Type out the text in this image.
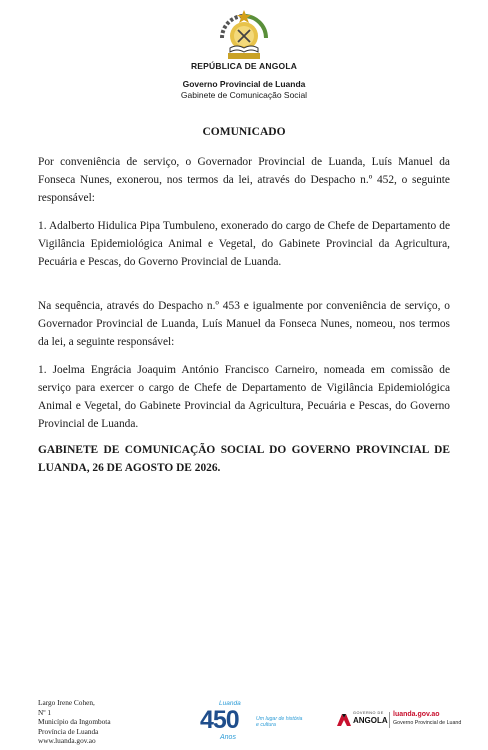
REPÚBLICA DE ANGOLA
Governo Provincial de Luanda
Gabinete de Comunicação Social
COMUNICADO

Por conveniência de serviço, o Governador Provincial de Luanda, Luís Manuel da Fonseca Nunes, exonerou, nos termos da lei, através do Despacho n.º 452, o seguinte responsável:

1. Adalberto Hidulica Pipa Tumbuleno, exonerado do cargo de Chefe de Departamento de Vigilância Epidemiológica Animal e Vegetal, do Gabinete Provincial da Agricultura, Pecuária e Pescas, do Governo Provincial de Luanda.

Na sequência, através do Despacho n.º 453 e igualmente por conveniência de serviço, o Governador Provincial de Luanda, Luís Manuel da Fonseca Nunes, nomeou, nos termos da lei, a seguinte responsável:

1. Joelma Engrácia Joaquim António Francisco Carneiro, nomeada em comissão de serviço para exercer o cargo de Chefe de Departamento de Vigilância Epidemiológica Animal e Vegetal, do Gabinete Provincial da Agricultura, Pecuária e Pescas, do Governo Provincial de Luanda.

GABINETE DE COMUNICAÇÃO SOCIAL DO GOVERNO PROVINCIAL DE LUANDA, 26 DE AGOSTO DE 2026.

Largo Irene Cohen,
Nº 1
Município da Ingombota
Província de Luanda
www.luanda.gov.ao
Luanda
450
Anos
Um lugar de história
e cultura
GOVERNO DE
ANGOLA
luanda.gov.ao
Governo Provincial de Luand
